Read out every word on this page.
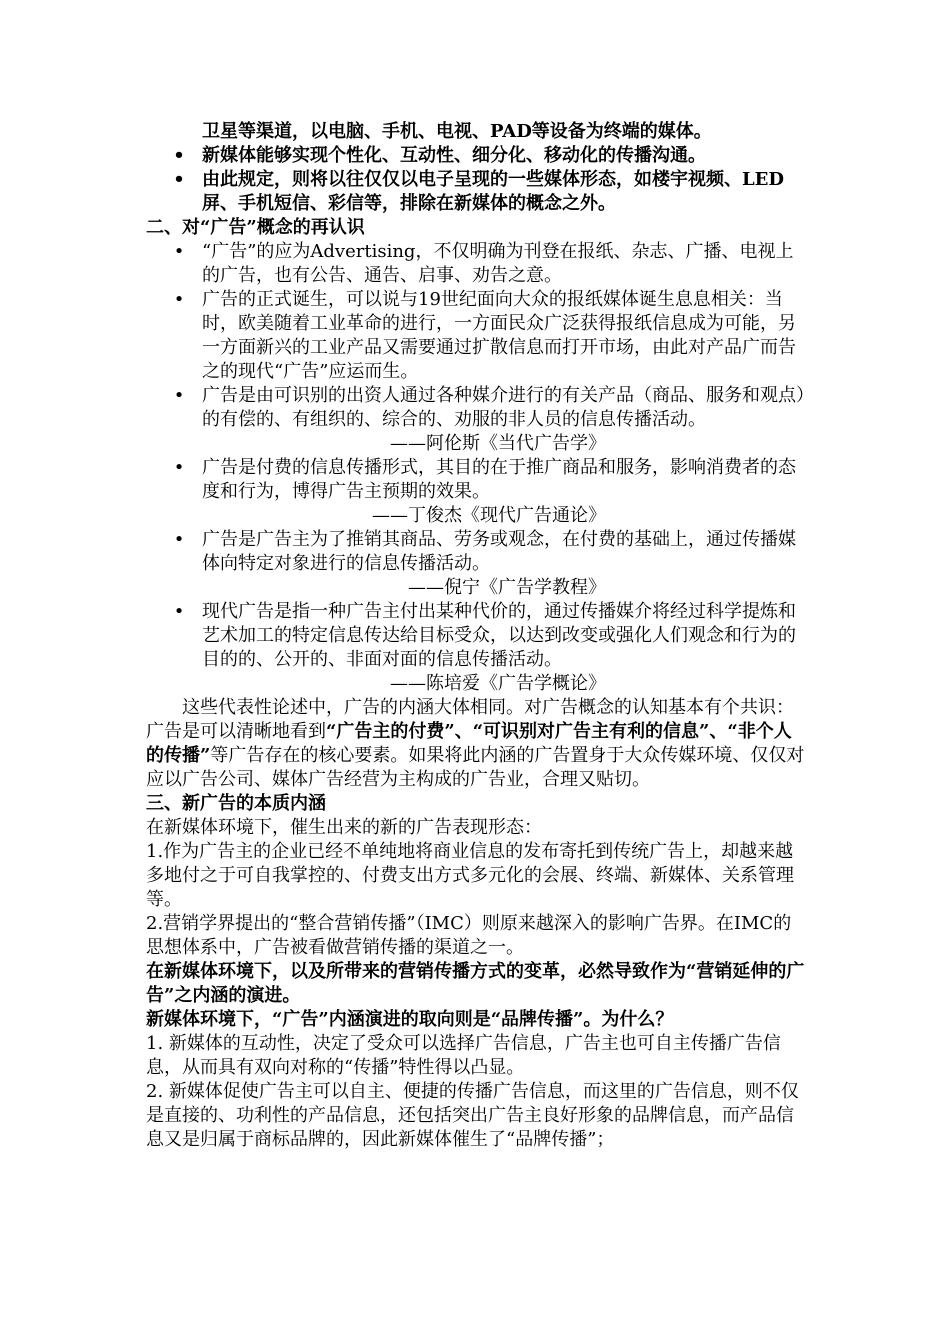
卫星等渠道，以电脑、手机、电视、PAD等设备为终端的媒体。
• 新媒体能够实现个性化、互动性、细分化、移动化的传播沟通。
• 由此规定，则将以往仅仅以电子呈现的一些媒体形态，如楼宇视频、LED屏、手机短信、彩信等，排除在新媒体的概念之外。
二、对“广告”概念的再认识
• “广告”的应为Advertising，不仅明确为刊登在报纸、杂志、广播、电视上的广告，也有公告、通告、启事、劝告之意。
• 广告的正式诞生，可以说与19世纪面向大众的报纸媒体诞生息息相关：当时，欧美随着工业革命的进行，一方面民众广泛获得报纸信息成为可能，另一方面新兴的工业产品又需要通过扩散信息而打开市场，由此对产品广而告之的现代“广告”应运而生。
• 广告是由可识别的出资人通过各种媒介进行的有关产品（商品、服务和观点）的有偿的、有组织的、综合的、劝服的非人员的信息传播活动。
——阿伦斯《当代广告学》
• 广告是付费的信息传播形式，其目的在于推广商品和服务，影响消费者的态度和行为，博得广告主预期的效果。
——丁俊杰《现代广告通论》
• 广告是广告主为了推销其商品、劳务或观念，在付费的基础上，通过传播媒体向特定对象进行的信息传播活动。
——倪宁《广告学教程》
• 现代广告是指一种广告主付出某种代价的，通过传播媒介将经过科学提炼和艺术加工的特定信息传达给目标受众，以达到改变或强化人们观念和行为的目的的、公开的、非面对面的信息传播活动。
——陈培爱《广告学概论》
这些代表性论述中，广告的内涵大体相同。对广告概念的认知基本有个共识：广告是可以清晰地看到“广告主的付费”、“可识别对广告主有利的信息”、“非个人的传播”等广告存在的核心要素。如果将此内涵的广告置身于大众传媒环境、仅仅对应以广告公司、媒体广告经营为主构成的广告业，合理又贴切。
三、新广告的本质内涵
在新媒体环境下，催生出来的新的广告表现形态：
1.作为广告主的企业已经不单纯地将商业信息的发布寄托到传统广告上，却越来越多地付之于可自我掌控的、付费支出方式多元化的会展、终端、新媒体、关系管理等。
2.营销学界提出的“整合营销传播”（IMC）则原来越深入的影响广告界。在IMC的思想体系中，广告被看做营销传播的渠道之一。
在新媒体环境下，以及所带来的营销传播方式的变革，必然导致作为“营销延伸的广告”之内涵的演进。
新媒体环境下，“广告”内涵演进的取向则是“品牌传播”。为什么？
1. 新媒体的互动性，决定了受众可以选择广告信息，广告主也可自主传播广告信息，从而具有双向对称的“传播”特性得以凸显。
2. 新媒体促使广告主可以自主、便捷的传播广告信息，而这里的广告信息，则不仅是直接的、功利性的产品信息，还包括突出广告主良好形象的品牌信息，而产品信息又是归属于商标品牌的，因此新媒体催生了“品牌传播”；
